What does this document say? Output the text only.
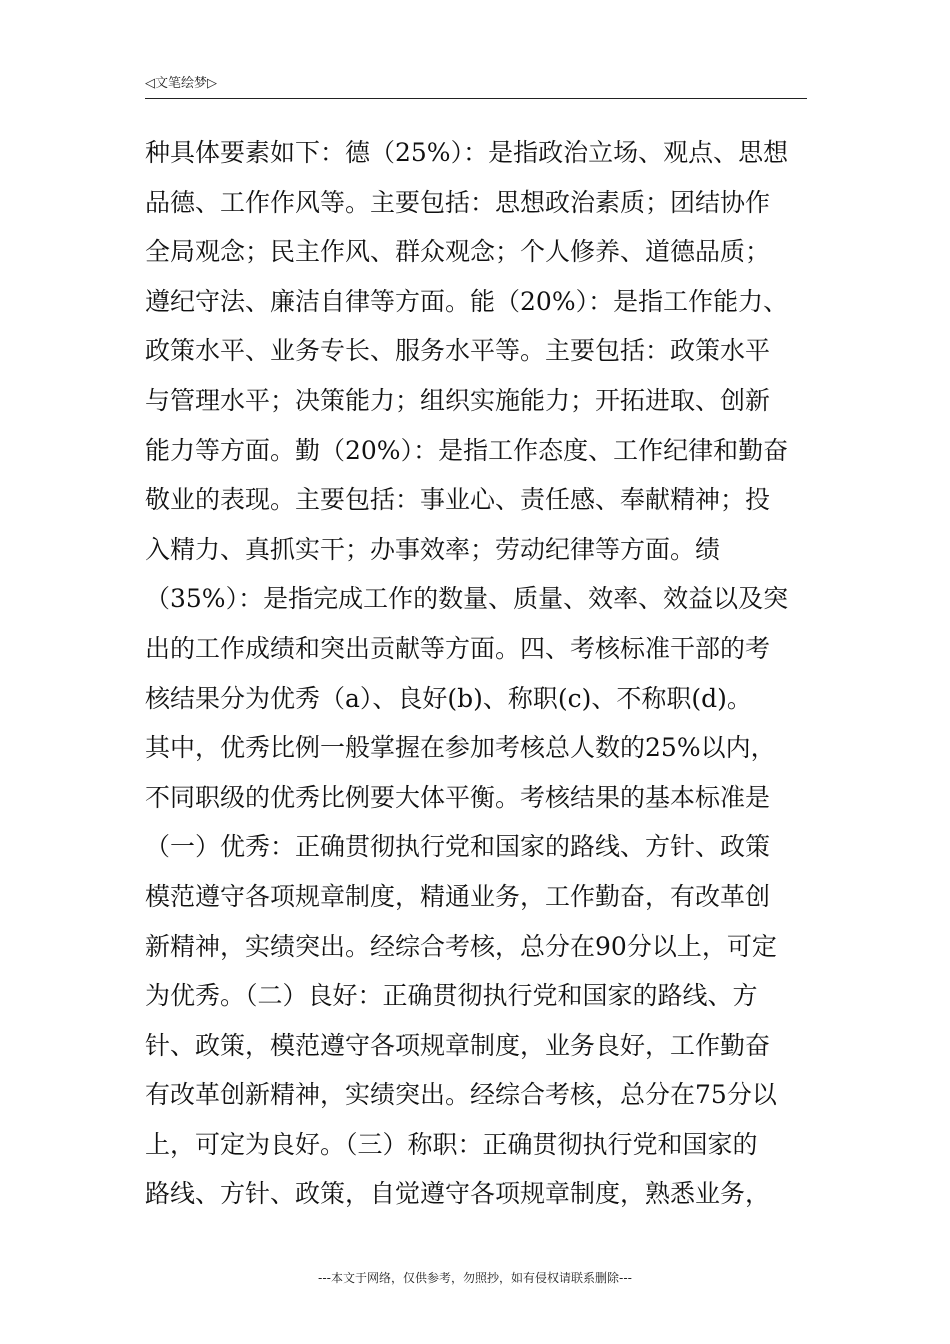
◁文笔绘梦▷
种具体要素如下：德（25%）：是指政治立场、观点、思想
品德、工作作风等。主要包括：思想政治素质；团结协作
全局观念；民主作风、群众观念；个人修养、道德品质；
遵纪守法、廉洁自律等方面。能（20%）：是指工作能力、
政策水平、业务专长、服务水平等。主要包括：政策水平
与管理水平；决策能力；组织实施能力；开拓进取、创新
能力等方面。勤（20%）：是指工作态度、工作纪律和勤奋
敬业的表现。主要包括：事业心、责任感、奉献精神；投
入精力、真抓实干；办事效率；劳动纪律等方面。绩
（35%）：是指完成工作的数量、质量、效率、效益以及突
出的工作成绩和突出贡献等方面。四、考核标准干部的考
核结果分为优秀（a）、良好(b)、称职(c)、不称职(d)。
其中，优秀比例一般掌握在参加考核总人数的25%以内，
不同职级的优秀比例要大体平衡。考核结果的基本标准是
（一）优秀：正确贯彻执行党和国家的路线、方针、政策
模范遵守各项规章制度，精通业务，工作勤奋，有改革创
新精神，实绩突出。经综合考核，总分在90分以上，可定
为优秀。（二）良好：正确贯彻执行党和国家的路线、方
针、政策，模范遵守各项规章制度，业务良好，工作勤奋
有改革创新精神，实绩突出。经综合考核，总分在75分以
上，可定为良好。（三）称职：正确贯彻执行党和国家的
路线、方针、政策，自觉遵守各项规章制度，熟悉业务，
---本文于网络，仅供参考，勿照抄，如有侵权请联系删除---
